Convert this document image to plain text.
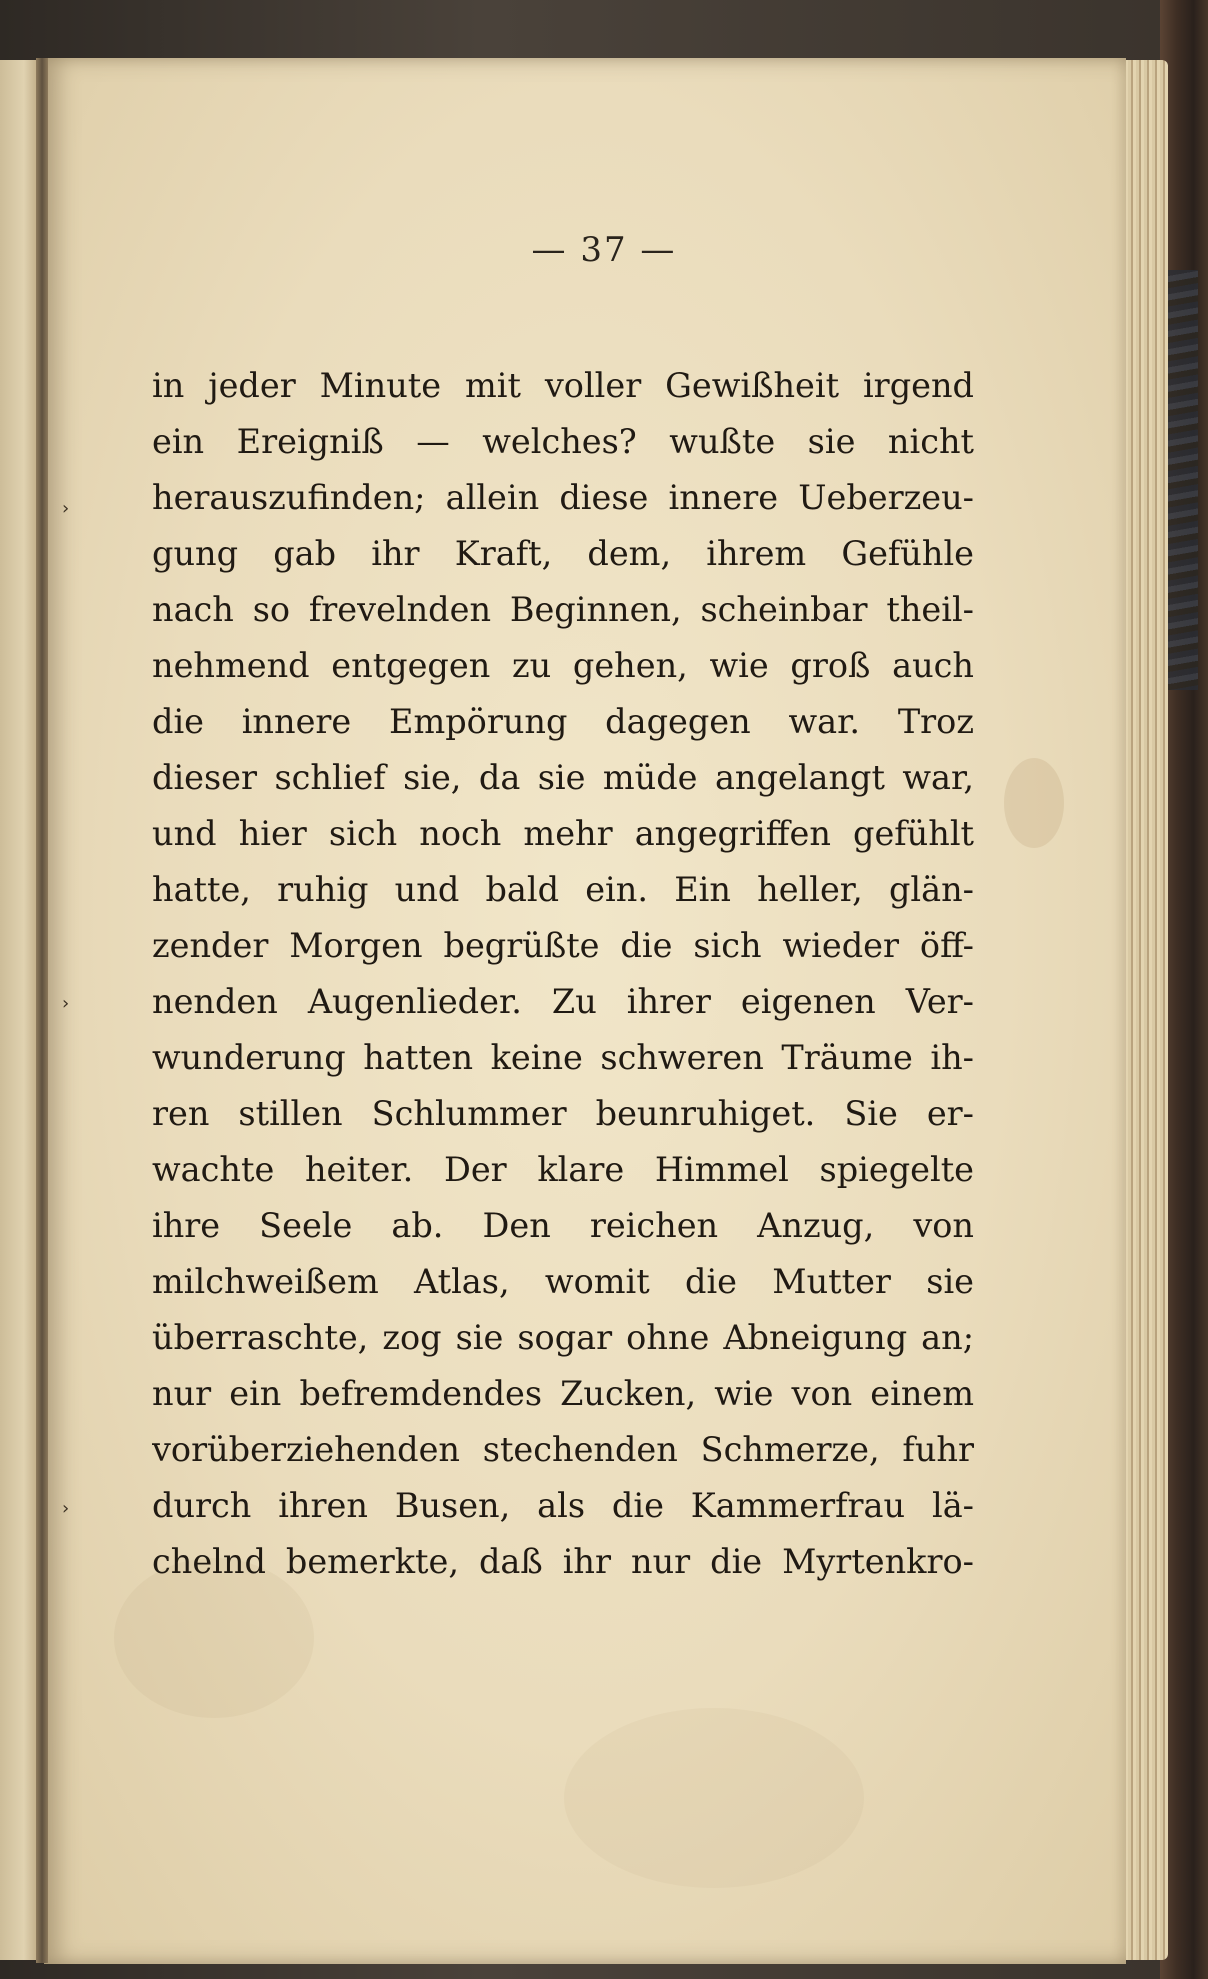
— 37 —
in jeder Minute mit voller Gewißheit irgend
ein Ereigniß — welches? wußte sie nicht
herauszufinden; allein diese innere Ueberzeu-
gung gab ihr Kraft, dem, ihrem Gefühle
nach so frevelnden Beginnen, scheinbar theil-
nehmend entgegen zu gehen, wie groß auch
die innere Empörung dagegen war. Troz
dieser schlief sie, da sie müde angelangt war,
und hier sich noch mehr angegriffen gefühlt
hatte, ruhig und bald ein. Ein heller, glän-
zender Morgen begrüßte die sich wieder öff-
nenden Augenlieder. Zu ihrer eigenen Ver-
wunderung hatten keine schweren Träume ih-
ren stillen Schlummer beunruhiget. Sie er-
wachte heiter. Der klare Himmel spiegelte
ihre Seele ab. Den reichen Anzug, von
milchweißem Atlas, womit die Mutter sie
überraschte, zog sie sogar ohne Abneigung an;
nur ein befremdendes Zucken, wie von einem
vorüberziehenden stechenden Schmerze, fuhr
durch ihren Busen, als die Kammerfrau lä-
chelnd bemerkte, daß ihr nur die Myrtenkro-
›
›
›
